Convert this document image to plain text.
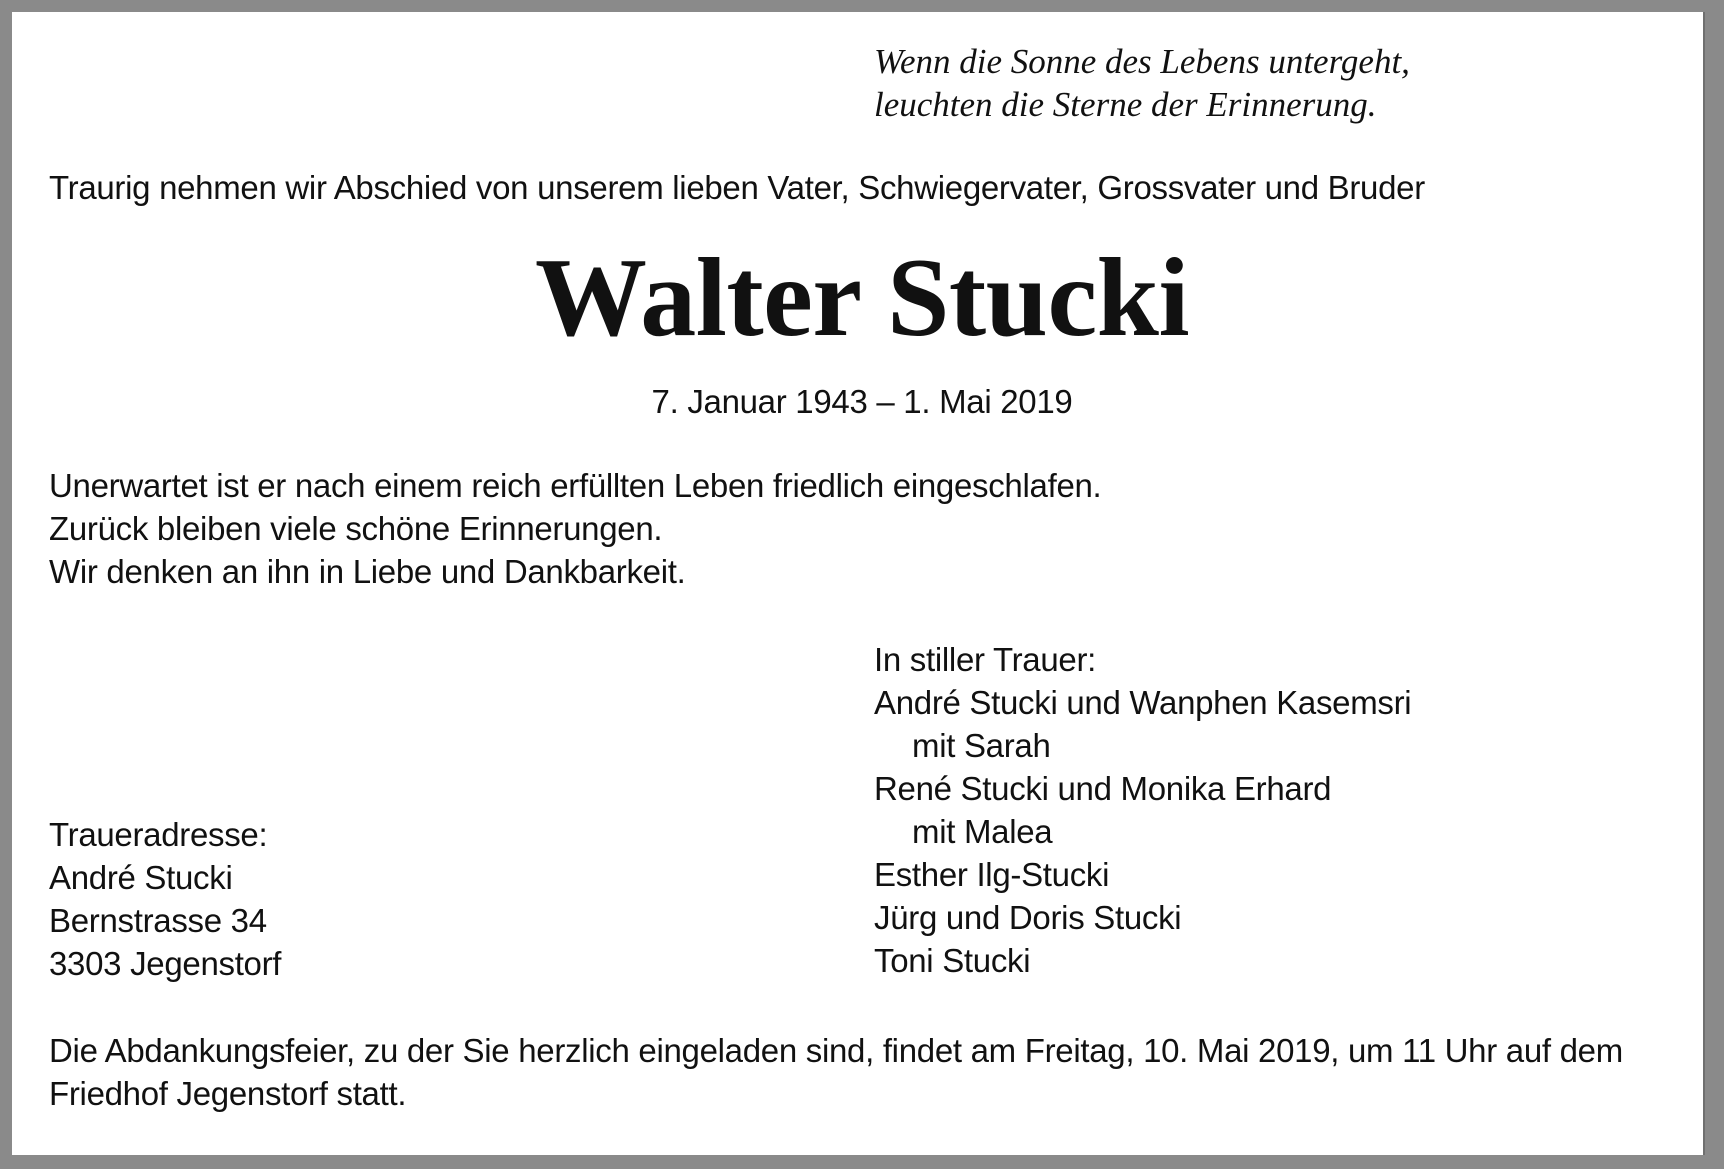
Wenn die Sonne des Lebens untergeht,
leuchten die Sterne der Erinnerung.

Traurig nehmen wir Abschied von unserem lieben Vater, Schwiegervater, Grossvater und Bruder

Walter Stucki

7. Januar 1943 – 1. Mai 2019

Unerwartet ist er nach einem reich erfüllten Leben friedlich eingeschlafen.
Zurück bleiben viele schöne Erinnerungen.
Wir denken an ihn in Liebe und Dankbarkeit.
In stiller Trauer:
André Stucki und Wanphen Kasemsri
mit Sarah
René Stucki und Monika Erhard
mit Malea
Esther Ilg-Stucki
Jürg und Doris Stucki
Toni Stucki
Traueradresse:
André Stucki
Bernstrasse 34
3303 Jegenstorf

Die Abdankungsfeier, zu der Sie herzlich eingeladen sind, findet am Freitag, 10. Mai 2019, um 11 Uhr auf dem Friedhof Jegenstorf statt.
